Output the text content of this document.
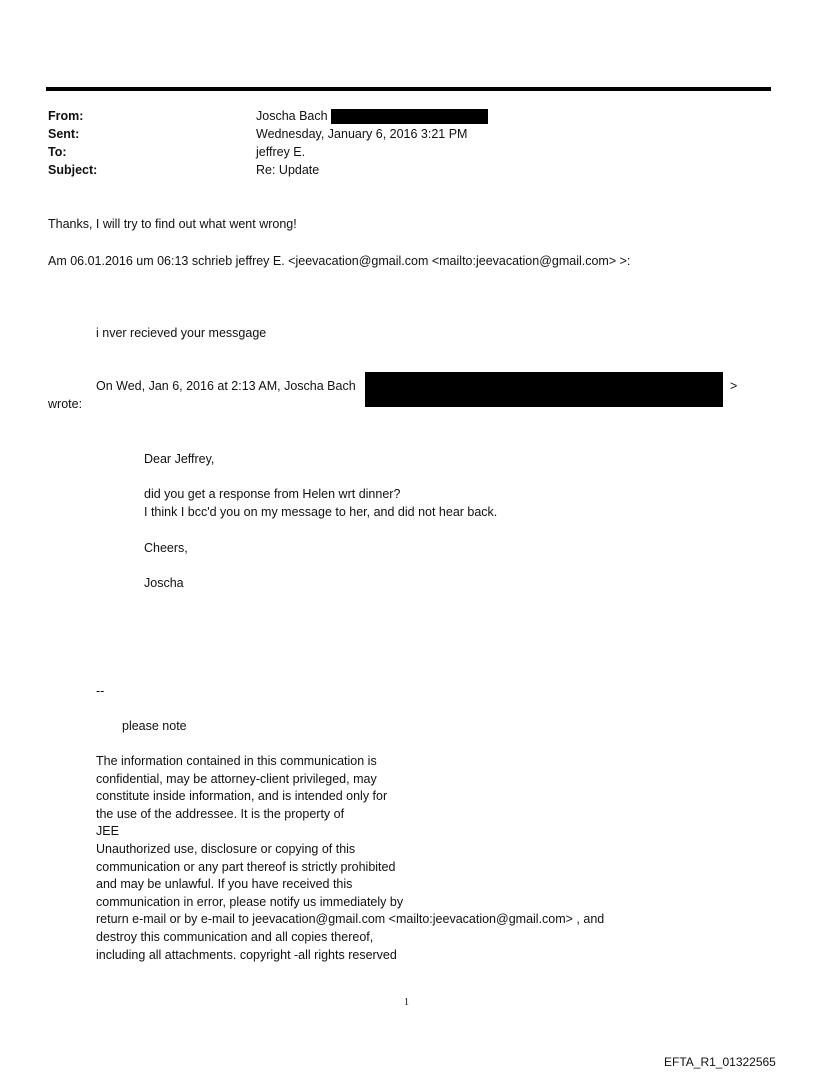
From:	Joscha Bach
Sent:	Wednesday, January 6, 2016 3:21 PM
To:	jeffrey E.
Subject:	Re: Update
Thanks, I will try to find out what went wrong!
Am 06.01.2016 um 06:13 schrieb jeffrey E. <jeevacation@gmail.com <mailto:jeevacation@gmail.com> >:
i nver recieved your messgage
On Wed, Jan 6, 2016 at 2:13 AM, Joscha Bach	>
wrote:
Dear Jeffrey,
did you get a response from Helen wrt dinner?
I think I bcc'd you on my message to her, and did not hear back.
Cheers,
Joscha
--
please note
The information contained in this communication is
confidential, may be attorney-client privileged, may
constitute inside information, and is intended only for
the use of the addressee. It is the property of
JEE
Unauthorized use, disclosure or copying of this
communication or any part thereof is strictly prohibited
and may be unlawful. If you have received this
communication in error, please notify us immediately by
return e-mail or by e-mail to jeevacation@gmail.com <mailto:jeevacation@gmail.com> , and
destroy this communication and all copies thereof,
including all attachments. copyright -all rights reserved
1
EFTA_R1_01322565
